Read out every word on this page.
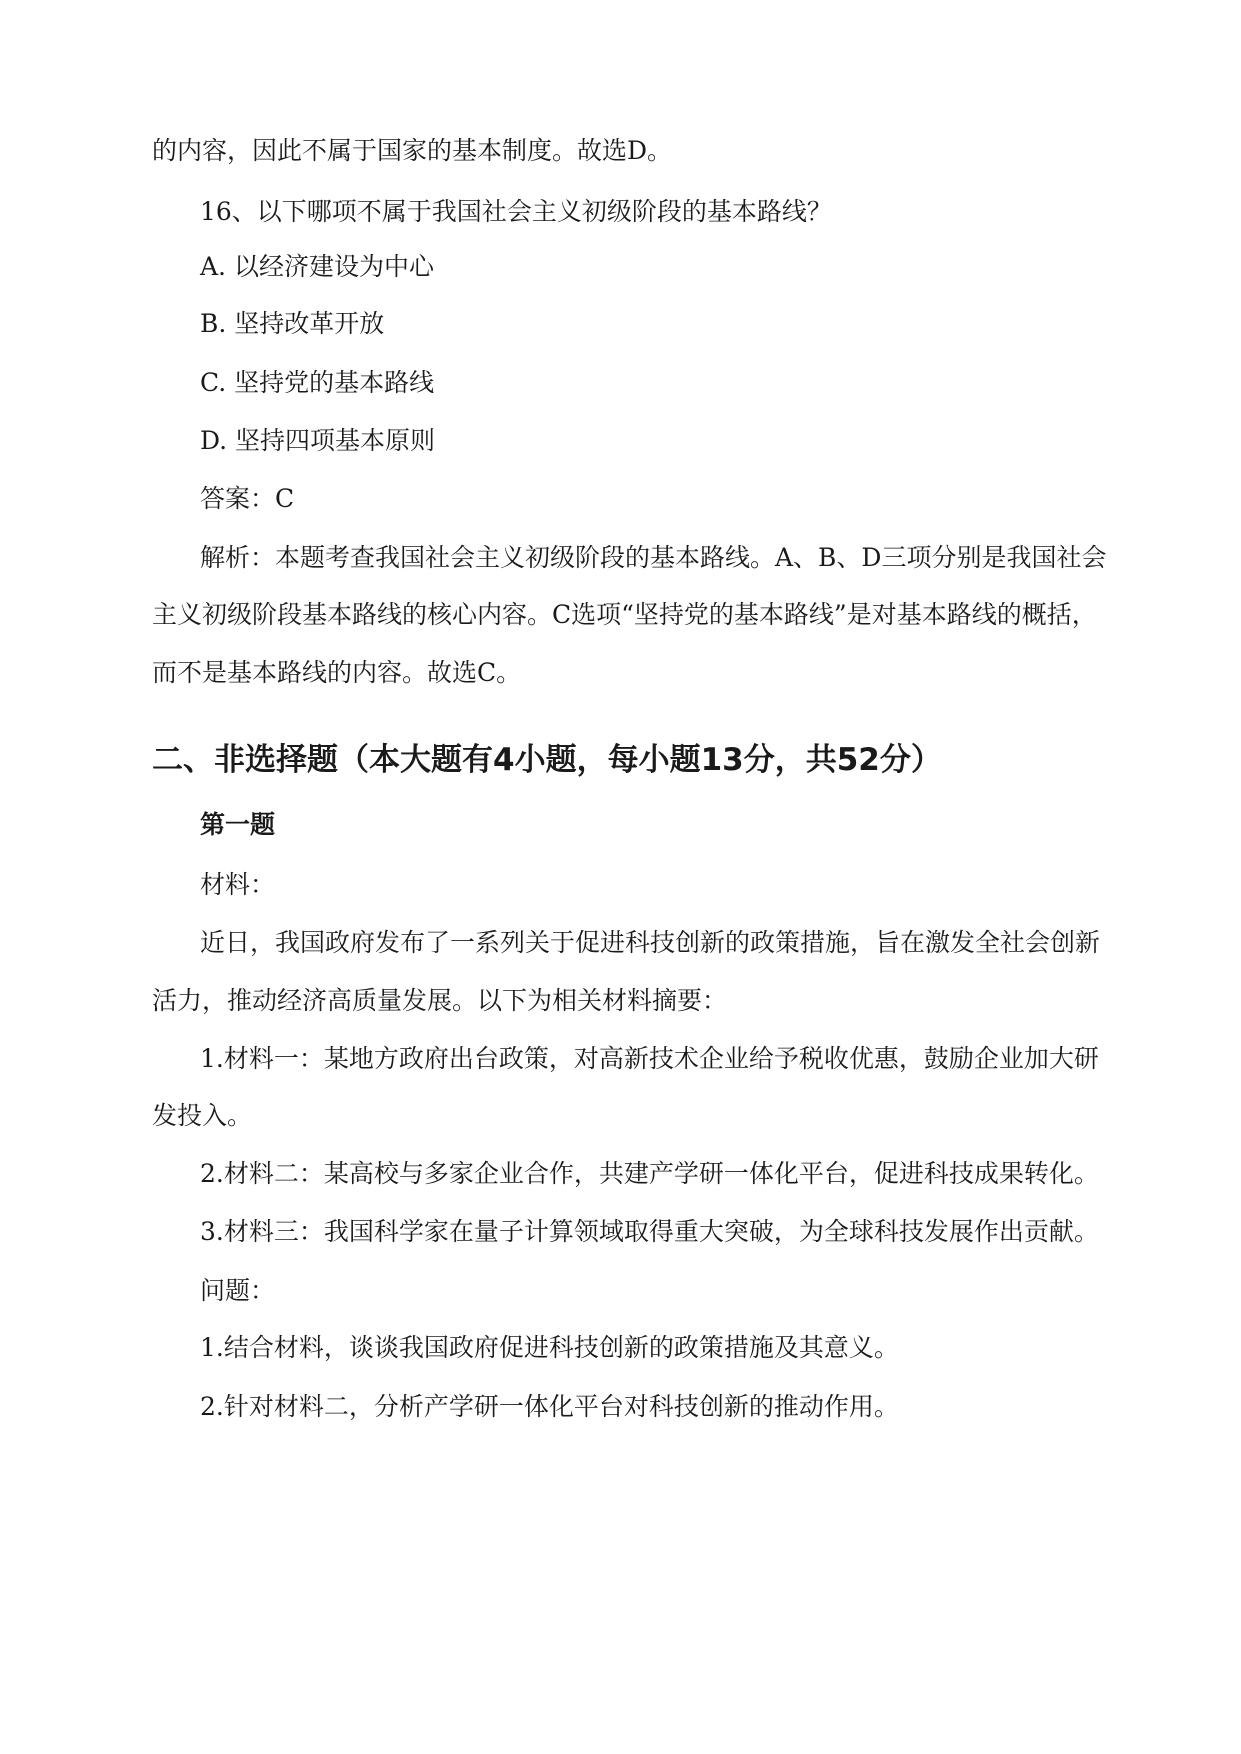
的内容，因此不属于国家的基本制度。故选D。
16、以下哪项不属于我国社会主义初级阶段的基本路线？
A. 以经济建设为中心
B. 坚持改革开放
C. 坚持党的基本路线
D. 坚持四项基本原则
答案：C
解析：本题考查我国社会主义初级阶段的基本路线。A、B、D三项分别是我国社会
主义初级阶段基本路线的核心内容。C选项“坚持党的基本路线”是对基本路线的概括，
而不是基本路线的内容。故选C。
二、非选择题（本大题有4小题，每小题13分，共52分）
第一题
材料：
近日，我国政府发布了一系列关于促进科技创新的政策措施，旨在激发全社会创新
活力，推动经济高质量发展。以下为相关材料摘要：
1.材料一：某地方政府出台政策，对高新技术企业给予税收优惠，鼓励企业加大研
发投入。
2.材料二：某高校与多家企业合作，共建产学研一体化平台，促进科技成果转化。
3.材料三：我国科学家在量子计算领域取得重大突破，为全球科技发展作出贡献。
问题：
1.结合材料，谈谈我国政府促进科技创新的政策措施及其意义。
2.针对材料二，分析产学研一体化平台对科技创新的推动作用。
